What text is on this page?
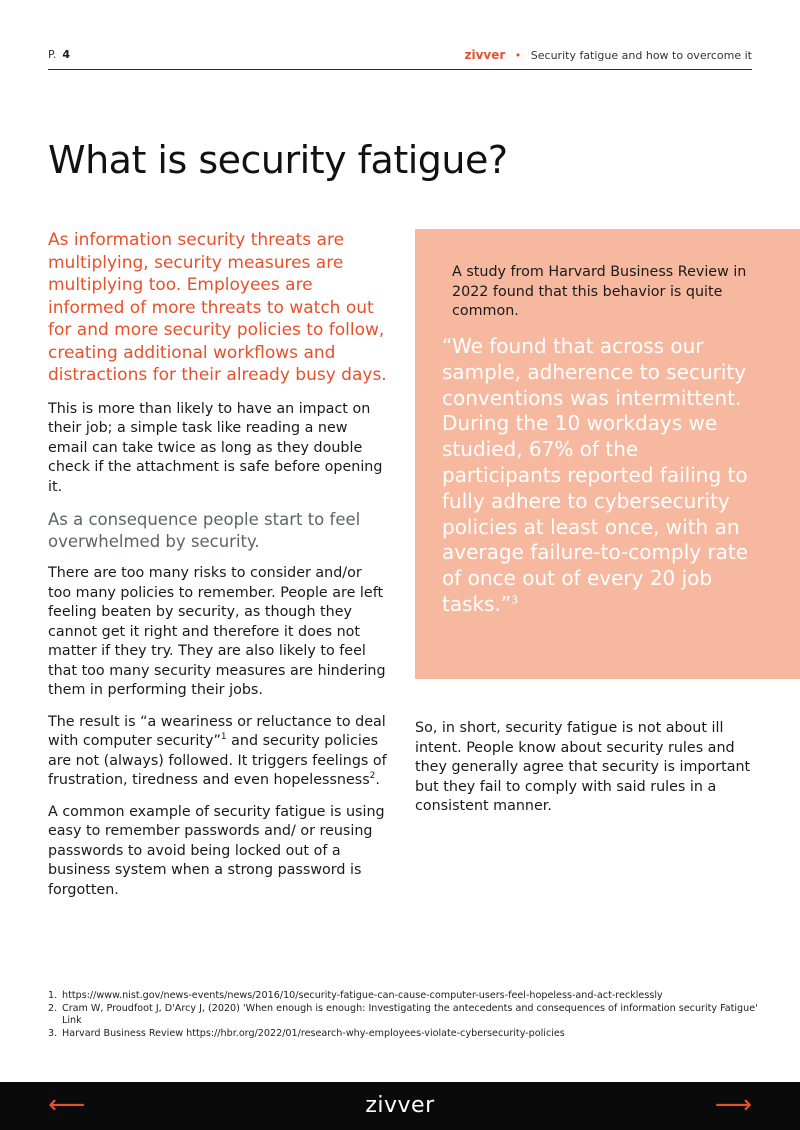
P. 4	zivver • Security fatigue and how to overcome it
What is security fatigue?

As information security threats are multiplying, security measures are multiplying too. Employees are informed of more threats to watch out for and more security policies to follow, creating additional workflows and distractions for their already busy days.

This is more than likely to have an impact on their job; a simple task like reading a new email can take twice as long as they double check if the attachment is safe before opening it.

As a consequence people start to feel overwhelmed by security.

There are too many risks to consider and/or too many policies to remember. People are left feeling beaten by security, as though they cannot get it right and therefore it does not matter if they try. They are also likely to feel that too many security measures are hindering them in performing their jobs.

The result is “a weariness or reluctance to deal with computer security”$^1$ and security policies are not (always) followed. It triggers feelings of frustration, tiredness and even hopelessness$^2$.

A common example of security fatigue is using easy to remember passwords and/ or reusing passwords to avoid being locked out of a business system when a strong password is forgotten.

A study from Harvard Business Review in 2022 found that this behavior is quite common.

“We found that across our sample, adherence to security conventions was intermittent. During the 10 workdays we studied, 67% of the participants reported failing to fully adhere to cybersecurity policies at least once, with an average failure-to-comply rate of once out of every 20 job tasks.”$^3$

So, in short, security fatigue is not about ill intent. People know about security rules and they generally agree that security is important but they fail to comply with said rules in a consistent manner.

1. https://www.nist.gov/news-events/news/2016/10/security-fatigue-can-cause-computer-users-feel-hopeless-and-act-recklessly
2. Cram W, Proudfoot J, D'Arcy J, (2020) 'When enough is enough: Investigating the antecedents and consequences of information security Fatigue' Link
3. Harvard Business Review https://hbr.org/2022/01/research-why-employees-violate-cybersecurity-policies
⟵	zivver	⟶
